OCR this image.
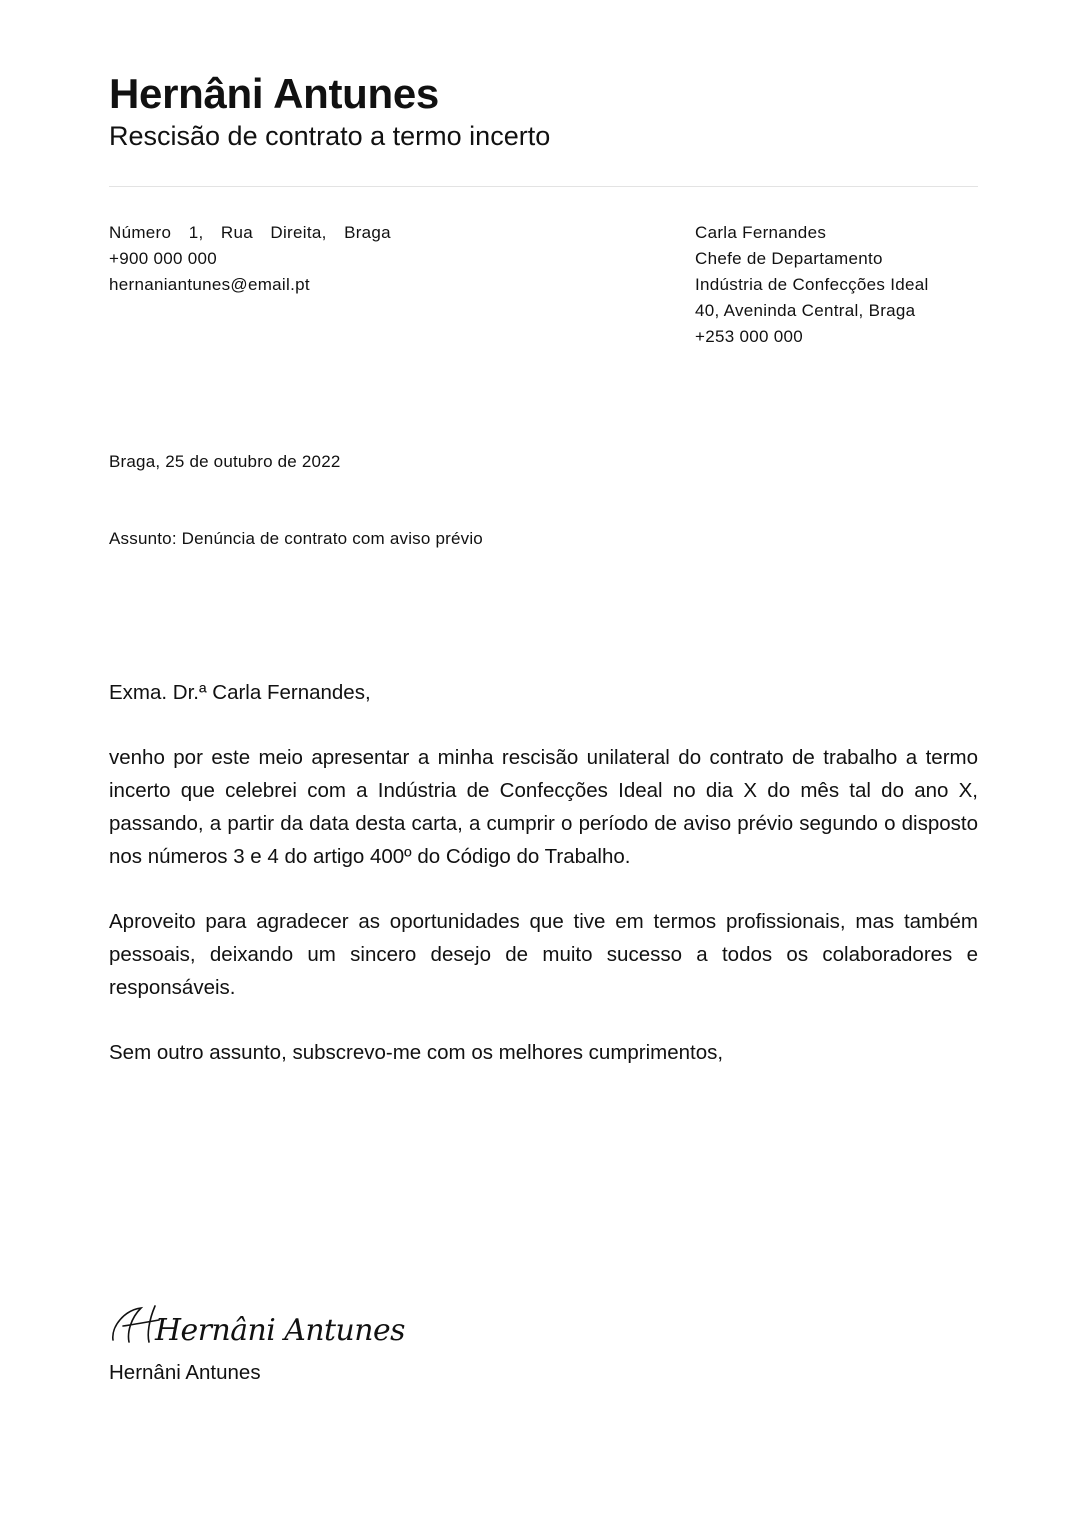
Hernâni Antunes
Rescisão de contrato a termo incerto
Número 1, Rua Direita, Braga
+900 000 000
hernaniantunes@email.pt
Carla Fernandes
Chefe de Departamento
Indústria de Confecções Ideal
40, Aveninda Central, Braga
+253 000 000
Braga, 25 de outubro de 2022
Assunto: Denúncia de contrato com aviso prévio

Exma. Dr.ª Carla Fernandes,

venho por este meio apresentar a minha rescisão unilateral do contrato de trabalho a termo incerto que celebrei com a Indústria de Confecções Ideal no dia X do mês tal do ano X, passando, a partir da data desta carta, a cumprir o período de aviso prévio segundo o disposto nos números 3 e 4 do artigo 400º do Código do Trabalho.

Aproveito para agradecer as oportunidades que tive em termos profissionais, mas também pessoais, deixando um sincero desejo de muito sucesso a todos os colaboradores e responsáveis.

Sem outro assunto, subscrevo-me com os melhores cumprimentos,

Hernâni Antunes
Hernâni Antunes
